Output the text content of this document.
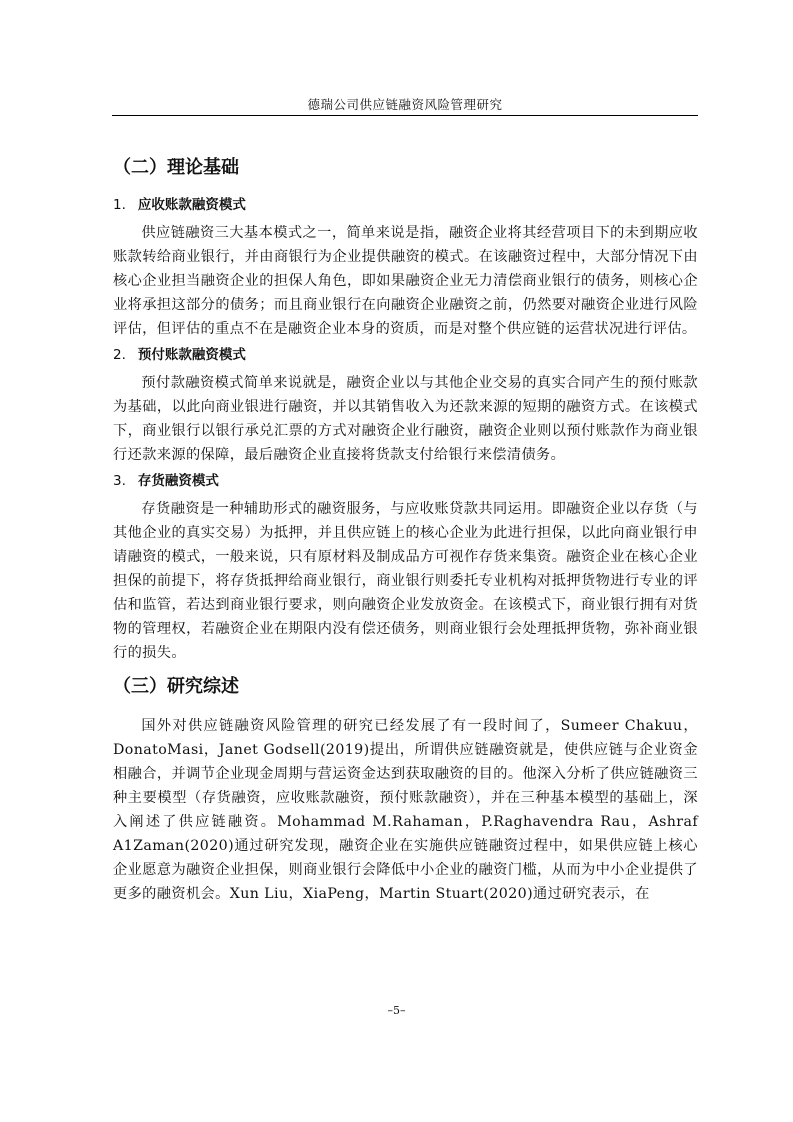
德瑞公司供应链融资风险管理研究
（二）理论基础
1. 应收账款融资模式

供应链融资三大基本模式之一，简单来说是指，融资企业将其经营项目下的未到期应收账款转给商业银行，并由商银行为企业提供融资的模式。在该融资过程中，大部分情况下由核心企业担当融资企业的担保人角色，即如果融资企业无力清偿商业银行的债务，则核心企业将承担这部分的债务；而且商业银行在向融资企业融资之前，仍然要对融资企业进行风险评估，但评估的重点不在是融资企业本身的资质，而是对整个供应链的运营状况进行评估。

2. 预付账款融资模式

预付款融资模式简单来说就是，融资企业以与其他企业交易的真实合同产生的预付账款为基础，以此向商业银进行融资，并以其销售收入为还款来源的短期的融资方式。在该模式下，商业银行以银行承兑汇票的方式对融资企业行融资，融资企业则以预付账款作为商业银行还款来源的保障，最后融资企业直接将货款支付给银行来偿清债务。

3. 存货融资模式

存货融资是一种辅助形式的融资服务，与应收账贷款共同运用。即融资企业以存货（与其他企业的真实交易）为抵押，并且供应链上的核心企业为此进行担保，以此向商业银行申请融资的模式，一般来说，只有原材料及制成品方可视作存货来集资。融资企业在核心企业担保的前提下，将存货抵押给商业银行，商业银行则委托专业机构对抵押货物进行专业的评估和监管，若达到商业银行要求，则向融资企业发放资金。在该模式下，商业银行拥有对货物的管理权，若融资企业在期限内没有偿还债务，则商业银行会处理抵押货物，弥补商业银行的损失。

（三）研究综述

国外对供应链融资风险管理的研究已经发展了有一段时间了，Sumeer Chakuu，DonatoMasi，Janet Godsell(2019)提出，所谓供应链融资就是，使供应链与企业资金相融合，并调节企业现金周期与营运资金达到获取融资的目的。他深入分析了供应链融资三种主要模型（存货融资，应收账款融资，预付账款融资），并在三种基本模型的基础上，深入阐述了供应链融资。Mohammad M.Rahaman，P.Raghavendra Rau，Ashraf A1Zaman(2020)通过研究发现，融资企业在实施供应链融资过程中，如果供应链上核心企业愿意为融资企业担保，则商业银行会降低中小企业的融资门槛，从而为中小企业提供了更多的融资机会。Xun Liu，XiaPeng，Martin Stuart(2020)通过研究表示，在

–5–
